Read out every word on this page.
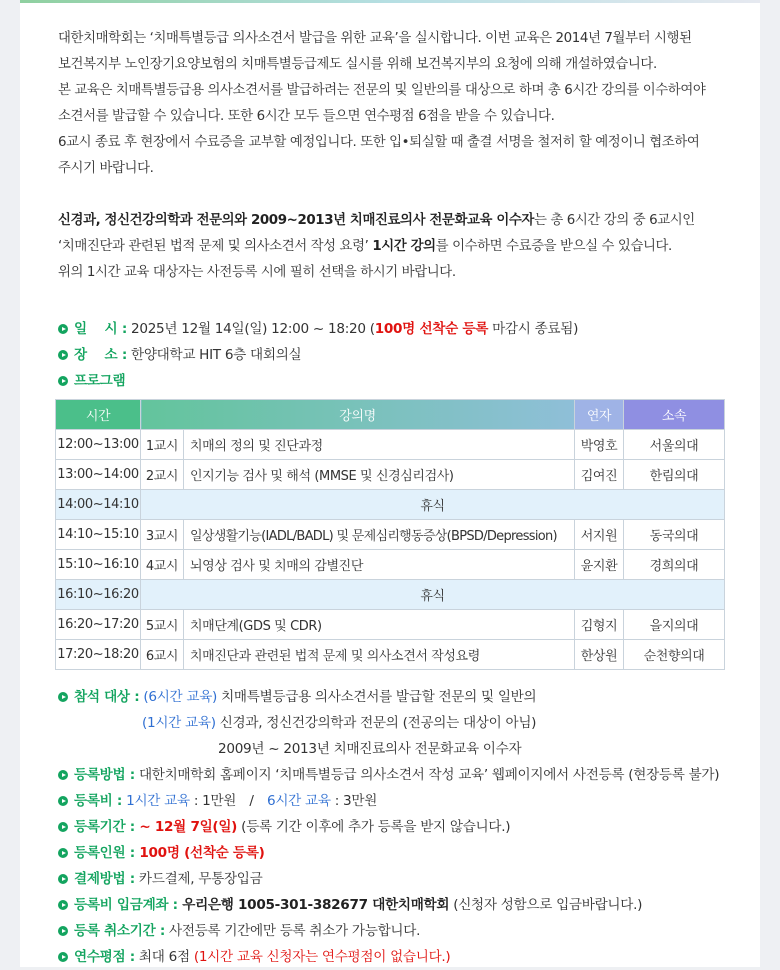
대한치매학회는 ‘치매특별등급 의사소견서 발급을 위한 교육’을 실시합니다. 이번 교육은 2014년 7월부터 시행된
보건복지부 노인장기요양보험의 치매특별등급제도 실시를 위해 보건복지부의 요청에 의해 개설하였습니다.
본 교육은 치매특별등급용 의사소견서를 발급하려는 전문의 및 일반의를 대상으로 하며 총 6시간 강의를 이수하여야
소견서를 발급할 수 있습니다. 또한 6시간 모두 들으면 연수평점 6점을 받을 수 있습니다.
6교시 종료 후 현장에서 수료증을 교부할 예정입니다. 또한 입•퇴실할 때 출결 서명을 철저히 할 예정이니 협조하여
주시기 바랍니다.
신경과, 정신건강의학과 전문의와 2009~2013년 치매진료의사 전문화교육 이수자는 총 6시간 강의 중 6교시인
‘치매진단과 관련된 법적 문제 및 의사소견서 작성 요령’ 1시간 강의를 이수하면 수료증을 받으실 수 있습니다.
위의 1시간 교육 대상자는 사전등록 시에 필히 선택을 하시기 바랍니다.
일　 시 : 2025년 12월 14일(일) 12:00 ~ 18:20 (100명 선착순 등록 마감시 종료됨)
장　 소 : 한양대학교 HIT 6층 대회의실
프로그램
시간	강의명		연자	소속
12:00~13:00	1교시	치매의 정의 및 진단과정	박영호	서울의대
13:00~14:00	2교시	인지기능 검사 및 해석 (MMSE 및 신경심리검사)	김여진	한림의대
14:00~14:10	휴식			
14:10~15:10	3교시	일상생활기능(IADL/BADL) 및 문제심리행동증상(BPSD/Depression)	서지원	동국의대
15:10~16:10	4교시	뇌영상 검사 및 치매의 감별진단	윤지환	경희의대
16:10~16:20	휴식			
16:20~17:20	5교시	치매단계(GDS 및 CDR)	김형지	을지의대
17:20~18:20	6교시	치매진단과 관련된 법적 문제 및 의사소견서 작성요령	한상원	순천향의대
참석 대상 : (6시간 교육) 치매특별등급용 의사소견서를 발급할 전문의 및 일반의
(1시간 교육) 신경과, 정신건강의학과 전문의 (전공의는 대상이 아님)
2009년 ~ 2013년 치매진료의사 전문화교육 이수자
등록방법 : 대한치매학회 홈페이지 ‘치매특별등급 의사소견서 작성 교육’ 웹페이지에서 사전등록 (현장등록 불가)
등록비 : 1시간 교육 : 1만원　/　6시간 교육 : 3만원
등록기간 : ~ 12월 7일(일) (등록 기간 이후에 추가 등록을 받지 않습니다.)
등록인원 : 100명 (선착순 등록)
결제방법 : 카드결제, 무통장입금
등록비 입금계좌 : 우리은행 1005-301-382677 대한치매학회 (신청자 성함으로 입금바랍니다.)
등록 취소기간 : 사전등록 기간에만 등록 취소가 가능합니다.
연수평점 : 최대 6점 (1시간 교육 신청자는 연수평점이 없습니다.)
